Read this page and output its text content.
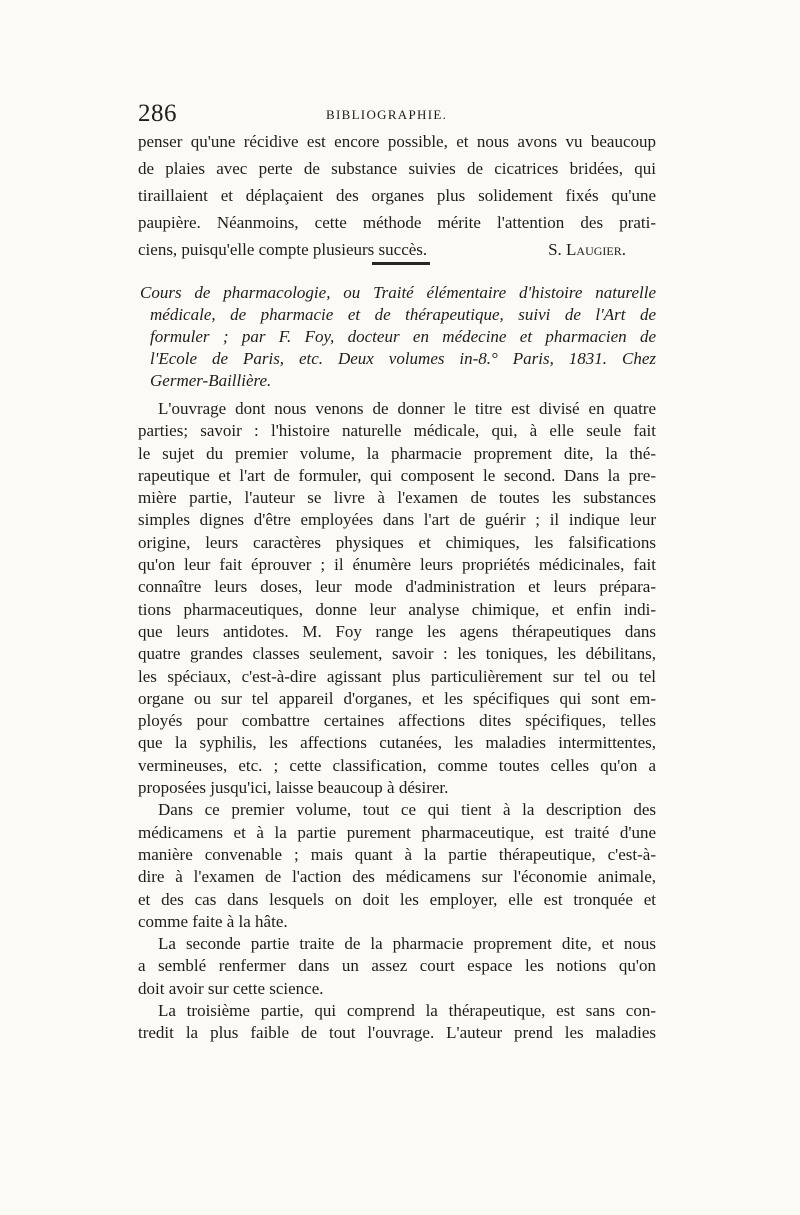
286	BIBLIOGRAPHIE.
penser qu'une récidive est encore possible, et nous avons vu beaucoup
de plaies avec perte de substance suivies de cicatrices bridées, qui
tiraillaient et déplaçaient des organes plus solidement fixés qu'une
paupière. Néanmoins, cette méthode mérite l'attention des prati-
ciens, puisqu'elle compte plusieurs succès.	S. Laugier.
Cours de pharmacologie, ou Traité élémentaire d'histoire naturelle
médicale, de pharmacie et de thérapeutique, suivi de l'Art de
formuler ; par F. Foy, docteur en médecine et pharmacien de
l'Ecole de Paris, etc. Deux volumes in-8.° Paris, 1831. Chez
Germer-Baillière.
L'ouvrage dont nous venons de donner le titre est divisé en quatre
parties; savoir : l'histoire naturelle médicale, qui, à elle seule fait
le sujet du premier volume, la pharmacie proprement dite, la thé-
rapeutique et l'art de formuler, qui composent le second. Dans la pre-
mière partie, l'auteur se livre à l'examen de toutes les substances
simples dignes d'être employées dans l'art de guérir ; il indique leur
origine, leurs caractères physiques et chimiques, les falsifications
qu'on leur fait éprouver ; il énumère leurs propriétés médicinales, fait
connaître leurs doses, leur mode d'administration et leurs prépara-
tions pharmaceutiques, donne leur analyse chimique, et enfin indi-
que leurs antidotes. M. Foy range les agens thérapeutiques dans
quatre grandes classes seulement, savoir : les toniques, les débilitans,
les spéciaux, c'est-à-dire agissant plus particulièrement sur tel ou tel
organe ou sur tel appareil d'organes, et les spécifiques qui sont em-
ployés pour combattre certaines affections dites spécifiques, telles
que la syphilis, les affections cutanées, les maladies intermittentes,
vermineuses, etc. ; cette classification, comme toutes celles qu'on a
proposées jusqu'ici, laisse beaucoup à désirer.
Dans ce premier volume, tout ce qui tient à la description des
médicamens et à la partie purement pharmaceutique, est traité d'une
manière convenable ; mais quant à la partie thérapeutique, c'est-à-
dire à l'examen de l'action des médicamens sur l'économie animale,
et des cas dans lesquels on doit les employer, elle est tronquée et
comme faite à la hâte.
La seconde partie traite de la pharmacie proprement dite, et nous
a semblé renfermer dans un assez court espace les notions qu'on
doit avoir sur cette science.
La troisième partie, qui comprend la thérapeutique, est sans con-
tredit la plus faible de tout l'ouvrage. L'auteur prend les maladies
